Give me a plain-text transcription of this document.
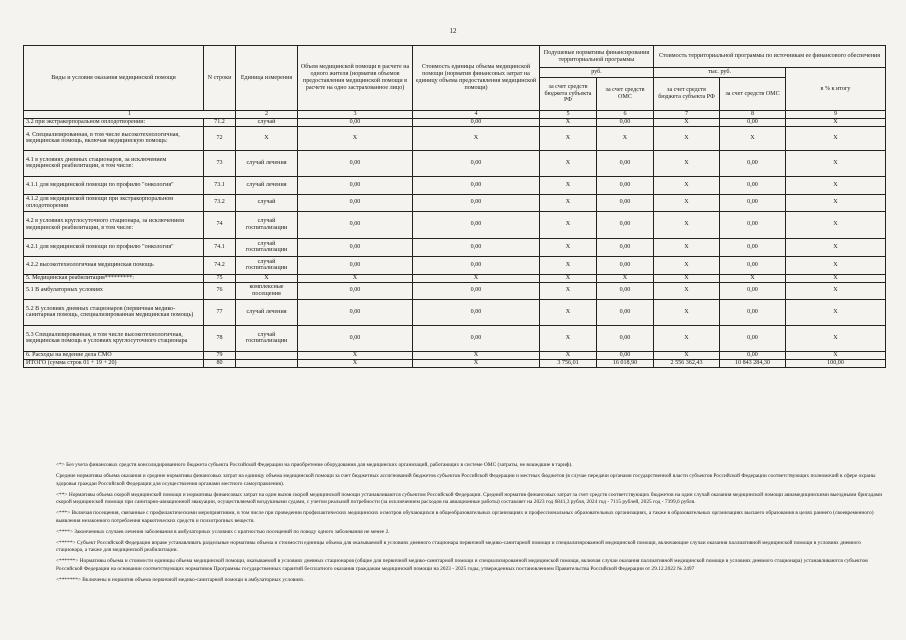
12
Виды и условия оказания медицинской помощи	N строки	Единица измерения	Объем медицинской помощи в расчете на одного жителя (норматив объемов предоставления медицинской помощи в расчете на одно застрахованное лицо)	Стоимость единицы объема медицинской помощи (норматив финансовых затрат на единицу объема предоставления медицинской помощи)	Подушевые нормативы финансирования территориальной программы		Стоимость территориальной программы по источникам ее финансового обеспечения		
					руб.		тыс. руб.		в % к итогу
					за счет средств бюджета субъекта РФ	за счет средств ОМС	за счет средств бюджета субъекта РФ	за счет средств ОМС	
1		2	3	4	5	6	7	8	9
3.2 при экстракорпоральном оплодотворении:	71.2	случай	0,00	0,00	X	0,00	X	0,00	X
4. Специализированная, в том числе высокотехнологичная, медицинская помощь, включая медицинскую помощь:	72	X	X	X	X	X	X	X	X
4.1 в условиях дневных стационаров, за исключением медицинской реабилитации, в том числе:	73	случай лечения	0,00	0,00	X	0,00	X	0,00	X
4.1.1 для медицинской помощи по профилю "онкология"	73.1	случай лечения	0,00	0,00	X	0,00	X	0,00	X
4.1.2 для медицинской помощи при экстракорпоральном оплодотворении	73.2	случай	0,00	0,00	X	0,00	X	0,00	X
4.2 в условиях круглосуточного стационара, за исключением медицинской реабилитации, в том числе:	74	случай госпитализации	0,00	0,00	X	0,00	X	0,00	X
4.2.1 для медицинской помощи по профилю "онкология"	74.1	случай госпитализации	0,00	0,00	X	0,00	X	0,00	X
4.2.2 высокотехнологичная медицинская помощь	74.2	случай госпитализации	0,00	0,00	X	0,00	X	0,00	X
5. Медицинская реабилитация*********:	75	X	X	X	X	X	X	X	X
5.1 В амбулаторных условиях	76	комплексные посещения	0,00	0,00	X	0,00	X	0,00	X
5.2 В условиях дневных стационаров (первичная медико-санитарная помощь, специализированная медицинская помощь)	77	случай лечения	0,00	0,00	X	0,00	X	0,00	X
5.3 Специализированная, в том числе высокотехнологичная, медицинская помощь в условиях круглосуточного стационара	78	случай госпитализации	0,00	0,00	X	0,00	X	0,00	X
6. Расходы на ведение дела СМО	79		X	X	X	0,00	X	0,00	X
ИТОГО (сумма строк 01 + 19 + 20)	80		X	X	3 756,01	16 018,90	2 556 362,43	10 843 284,30	100,00

<*> Без учета финансовых средств консолидированного бюджета субъекта Российской Федерации на приобретение оборудования для медицинских организаций, работающих в системе ОМС (затраты, не вошедшие в тариф).

Средние нормативы объема оказания и средние нормативы финансовых затрат на единицу объема медицинской помощи за счет бюджетных ассигнований бюджетов субъектов Российской Федерации и местных бюджетов (в случае передачи органами государственной власти субъектов Российской Федерации соответствующих полномочий в сфере охраны здоровья граждан Российской Федерации для осуществления органами местного самоуправления).

<**> Нормативы объема скорой медицинской помощи и нормативы финансовых затрат на один вызов скорой медицинской помощи устанавливаются субъектом Российской Федерации. Средний норматив финансовых затрат за счет средств соответствующих бюджетов на один случай оказания медицинской помощи авиамедицинскими выездными бригадами скорой медицинской помощи при санитарно-авиационной эвакуации, осуществляемой воздушными судами, с учетом реальной потребности (за исключением расходов на авиационные работы) составляет на 2023 год 6841,3 рубля, 2024 год - 7115 рублей, 2025 год - 7399,6 рубля.

<***> Включая посещения, связанные с профилактическими мероприятиями, в том числе при проведении профилактических медицинских осмотров обучающихся в общеобразовательных организациях и профессиональных образовательных организациях, а также в образовательных организациях высшего образования в целях раннего (своевременного) выявления незаконного потребления наркотических средств и психотропных веществ.

<****> Законченных случаев лечения заболевания в амбулаторных условиях с кратностью посещений по поводу одного заболевания не менее 2.

<*****> Субъект Российской Федерации вправе устанавливать раздельные нормативы объема и стоимости единицы объема для оказываемой в условиях дневного стационара первичной медико-санитарной помощи и специализированной медицинской помощи, включающие случаи оказания паллиативной медицинской помощи в условиях дневного стационара, а также для медицинской реабилитации.

<******> Нормативы объема и стоимости единицы объема медицинской помощи, оказываемой в условиях дневных стационаров (общие для первичной медико-санитарной помощи и специализированной медицинской помощи, включая случаи оказания паллиативной медицинской помощи в условиях дневного стационара) устанавливаются субъектом Российской Федерации на основании соответствующих нормативов Программы государственных гарантий бесплатного оказания гражданам медицинской помощи на 2023 - 2025 годы, утвержденных постановлением Правительства Российской Федерации от 29.12.2022 № 2497

<*******> Включены в норматив объема первичной медико-санитарной помощи в амбулаторных условиях.
